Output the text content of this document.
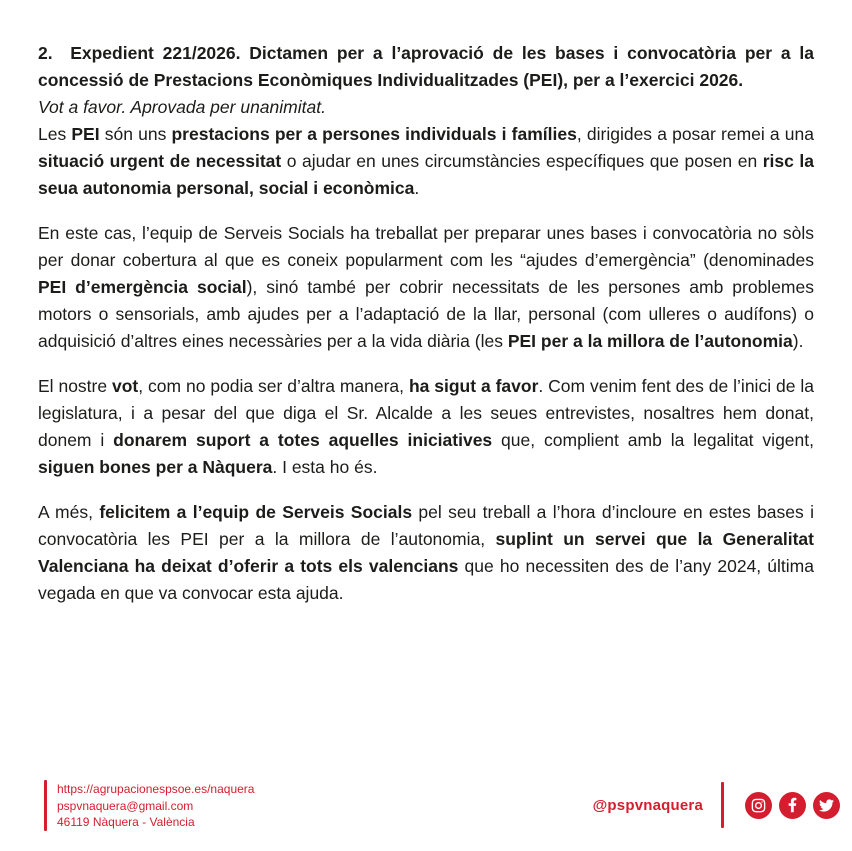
2.  Expedient 221/2026. Dictamen per a l’aprovació de les bases i convocatòria per a la concessió de Prestacions Econòmiques Individualitzades (PEI), per a l’exercici 2026.

Vot a favor. Aprovada per unanimitat.

Les PEI són uns prestacions per a persones individuals i famílies, dirigides a posar remei a una situació urgent de necessitat o ajudar en unes circumstàncies específiques que posen en risc la seua autonomia personal, social i econòmica.

En este cas, l’equip de Serveis Socials ha treballat per preparar unes bases i convocatòria no sòls per donar cobertura al que es coneix popularment com les “ajudes d’emergència” (denominades PEI d’emergència social), sinó també per cobrir necessitats de les persones amb problemes motors o sensorials, amb ajudes per a l’adaptació de la llar, personal (com ulleres o audífons) o adquisició d’altres eines necessàries per a la vida diària (les PEI per a la millora de l’autonomia).

El nostre vot, com no podia ser d’altra manera, ha sigut a favor. Com venim fent des de l’inici de la legislatura, i a pesar del que diga el Sr. Alcalde a les seues entrevistes, nosaltres hem donat, donem i donarem suport a totes aquelles iniciatives que, complient amb la legalitat vigent, siguen bones per a Nàquera. I esta ho és.

A més, felicitem a l’equip de Serveis Socials pel seu treball a l’hora d’incloure en estes bases i convocatòria les PEI per a la millora de l’autonomia, suplint un servei que la Generalitat Valenciana ha deixat d’oferir a tots els valencians que ho necessiten des de l’any 2024, última vegada en que va convocar esta ajuda.

https://agrupacionespsoe.es/naquera
pspvnaquera@gmail.com
46119 Nàquera - València
@pspvnaquera
